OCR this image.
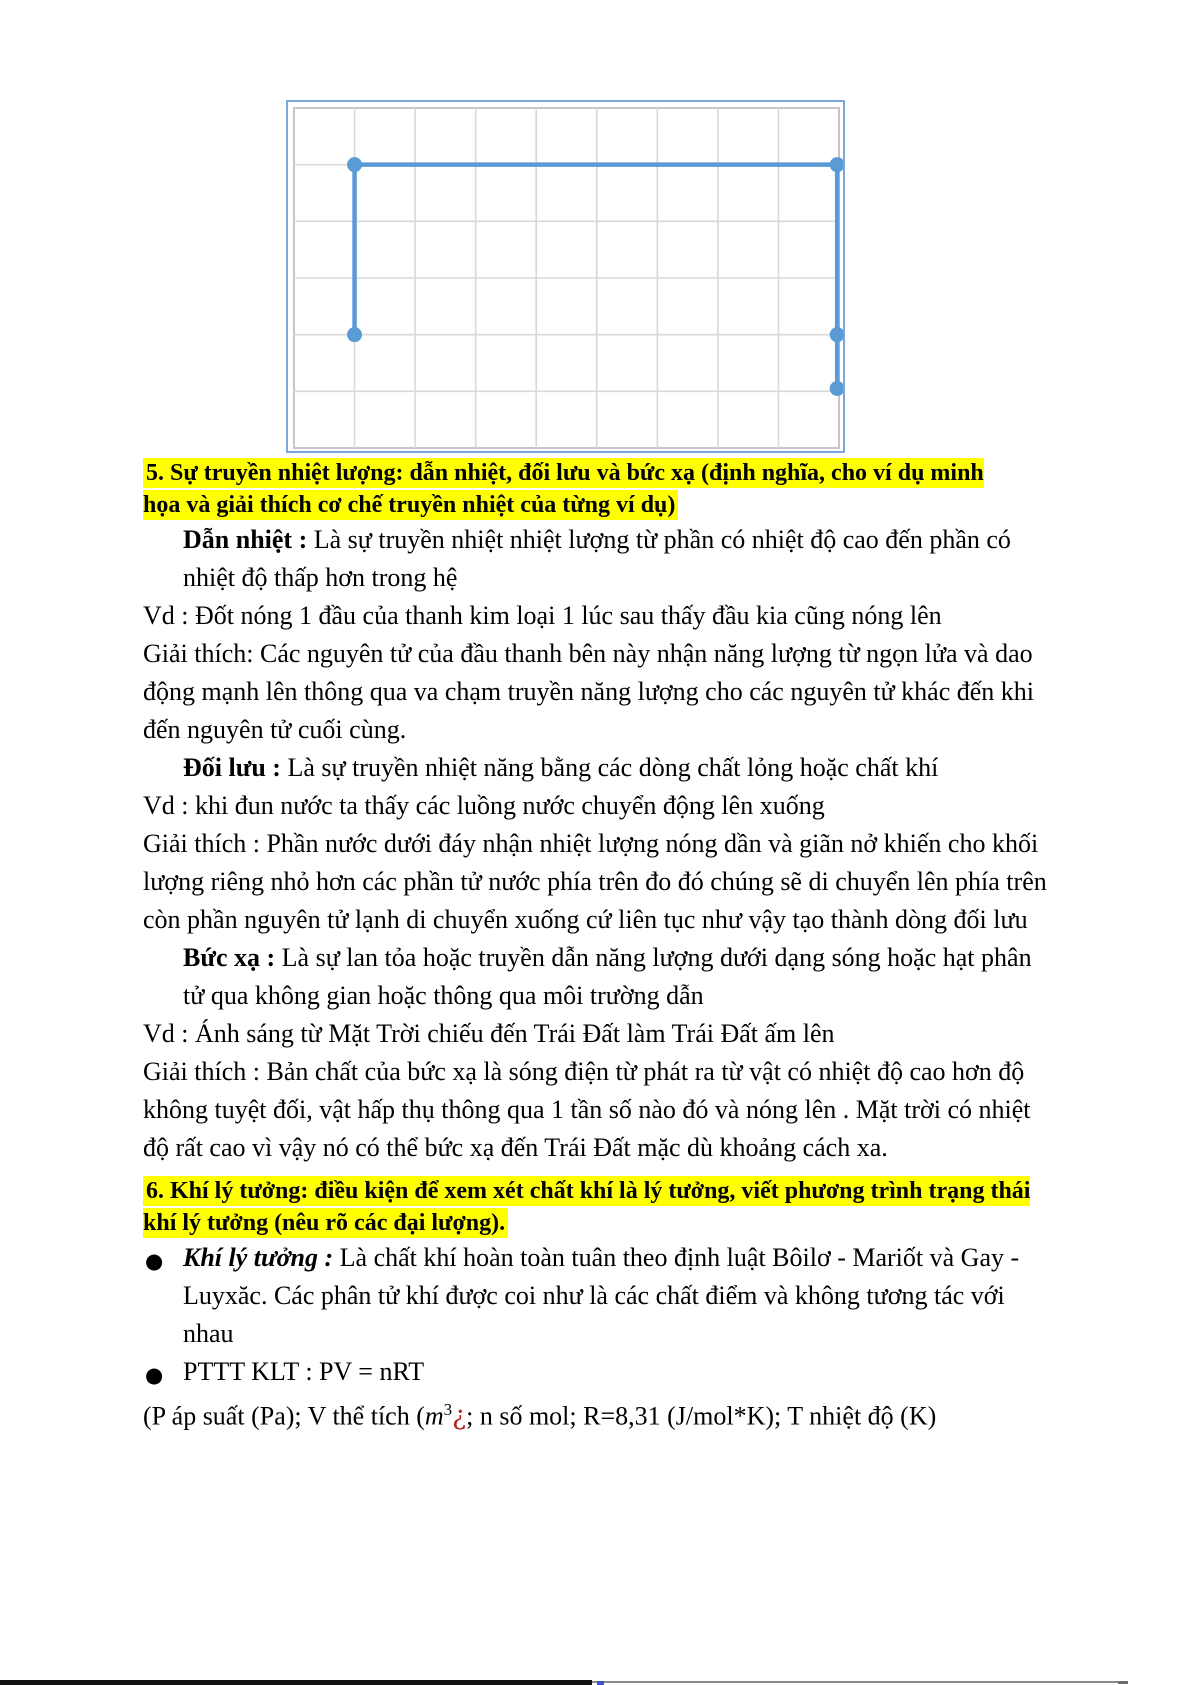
5. Sự truyền nhiệt lượng: dẫn nhiệt, đối lưu và bức xạ (định nghĩa, cho ví dụ minh họa và giải thích cơ chế truyền nhiệt của từng ví dụ)

Dẫn nhiệt : Là sự truyền nhiệt nhiệt lượng từ phần có nhiệt độ cao đến phần có nhiệt độ thấp hơn trong hệ

Vd : Đốt nóng 1 đầu của thanh kim loại 1 lúc sau thấy đầu kia cũng nóng lên

Giải thích: Các nguyên tử của đầu thanh bên này nhận năng lượng từ ngọn lửa và dao động mạnh lên thông qua va chạm truyền năng lượng cho các nguyên tử khác đến khi đến nguyên tử cuối cùng.

Đối lưu : Là sự truyền nhiệt năng bằng các dòng chất lỏng hoặc chất khí

Vd : khi đun nước ta thấy các luồng nước chuyển động lên xuống

Giải thích : Phần nước dưới đáy nhận nhiệt lượng nóng dần và giãn nở khiến cho khối lượng riêng nhỏ hơn các phần tử nước phía trên đo đó chúng sẽ di chuyển lên phía trên còn phần nguyên tử lạnh di chuyển xuống cứ liên tục như vậy tạo thành dòng đối lưu

Bức xạ : Là sự lan tỏa hoặc truyền dẫn năng lượng dưới dạng sóng hoặc hạt phân tử qua không gian hoặc thông qua môi trường dẫn

Vd : Ánh sáng từ Mặt Trời chiếu đến Trái Đất làm Trái Đất ấm lên

Giải thích : Bản chất của bức xạ là sóng điện từ phát ra từ vật có nhiệt độ cao hơn độ không tuyệt đối, vật hấp thụ thông qua 1 tần số nào đó và nóng lên . Mặt trời có nhiệt độ rất cao vì vậy nó có thể bức xạ đến Trái Đất mặc dù khoảng cách xa.

6. Khí lý tưởng: điều kiện để xem xét chất khí là lý tưởng, viết phương trình trạng thái khí lý tưởng (nêu rõ các đại lượng).

● Khí lý tưởng : Là chất khí hoàn toàn tuân theo định luật Bôilơ - Mariốt và Gay - Luyxăc. Các phân tử khí được coi như là các chất điểm và không tương tác với nhau

● PTTT KLT : PV = nRT

(P áp suất (Pa); V thể tích ($m^3¿$; n số mol; R=8,31 (J/mol*K); T nhiệt độ (K)
